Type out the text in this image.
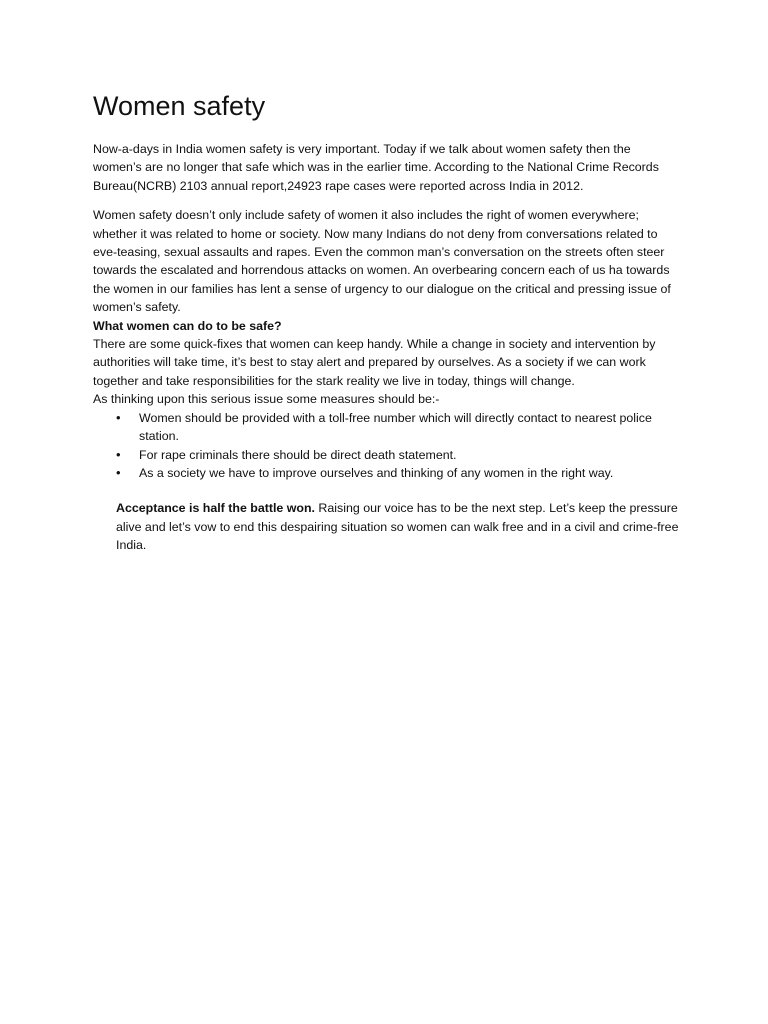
Women safety

Now-a-days in India women safety is very important. Today if we talk about women safety then the women’s are no longer that safe which was in the earlier time. According to the National Crime Records Bureau(NCRB) 2103 annual report,24923 rape cases were reported across India in 2012.

Women safety doesn’t only include safety of women it also includes the right of women everywhere; whether it was related to home or society. Now many Indians do not deny from conversations related to eve-teasing, sexual assaults and rapes. Even the common man’s conversation on the streets often steer towards the escalated and horrendous attacks on women. An overbearing concern each of us ha towards the women in our families has lent a sense of urgency to our dialogue on the critical and pressing issue of women’s safety.

What women can do to be safe?

There are some quick-fixes that women can keep handy. While a change in society and intervention by authorities will take time, it’s best to stay alert and prepared by ourselves. As a society if we can work together and take responsibilities for the stark reality we live in today, things will change.

As thinking upon this serious issue some measures should be:-

•	Women should be provided with a toll-free number which will directly contact to nearest police station.
•	For rape criminals there should be direct death statement.
•	As a society we have to improve ourselves and thinking of any women in the right way.

Acceptance is half the battle won. Raising our voice has to be the next step. Let’s keep the pressure alive and let’s vow to end this despairing situation so women can walk free and in a civil and crime-free India.
